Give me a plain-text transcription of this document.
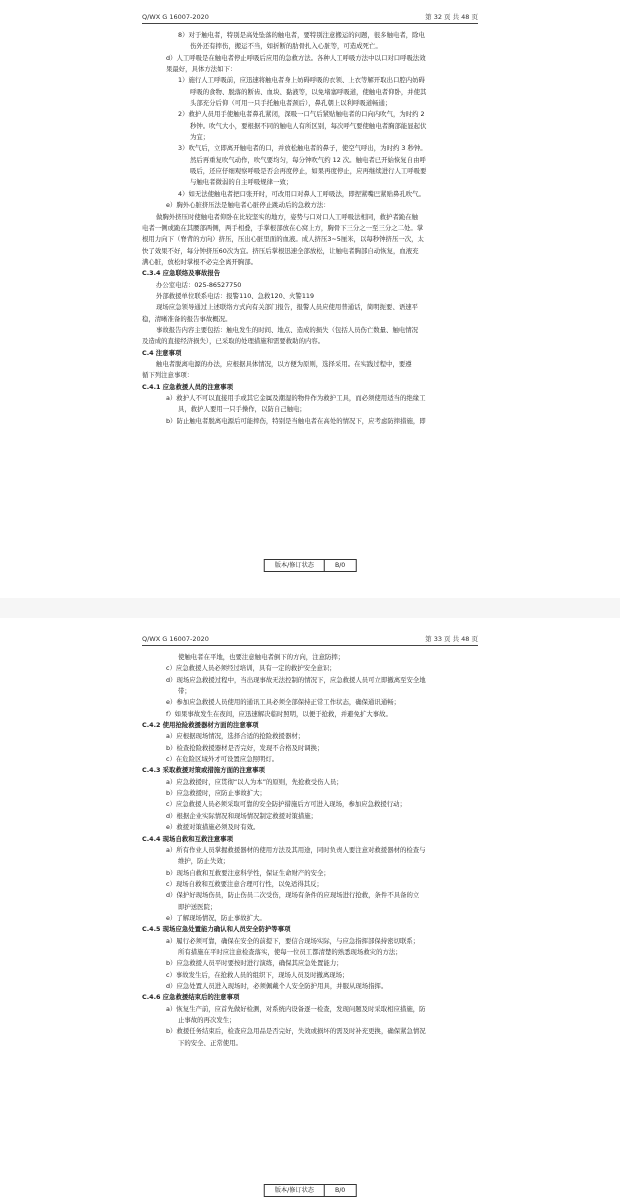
Q/WX G 16007-2020	第 32 页 共 48 页
8）对于触电者，特别是高处坠落的触电者，要特别注意搬运的问题，很多触电者，除电
伤外还有摔伤，搬运不当，如折断的肋骨扎入心脏等，可造成死亡。
d）人工呼吸是在触电者停止呼吸后应用的急救方法。各种人工呼吸方法中以口对口呼吸法效
果最好，具体方法如下：
1）施行人工呼吸前，应迅速将触电者身上妨碍呼吸的衣领、上衣等解开取出口腔内妨碍
呼吸的食物、脱落的断齿、血块、黏液等，以免堵塞呼吸道，使触电者仰卧，并使其
头部充分后仰（可用一只手托触电者颈后），鼻孔朝上以利呼吸道畅通；
2）救护人员用手使触电者鼻孔紧闭，深吸一口气后紧贴触电者的口向内吹气，为时约 2
秒钟。吹气大小，要根据不同的触电人有所区别，每次呼气要使触电者胸部能显起伏
为宜；
3）吹气后，立即离开触电者的口，并放松触电者的鼻子，使空气呼出，为时约 3 秒钟。
然后再重复吹气动作，吹气要均匀，每分钟吹气约 12 次。触电者已开始恢复自由呼
吸后，还应仔细观察呼吸是否会再度停止，如果再度停止，应再继续进行人工呼吸要
与触电者微弱的自主呼吸规律一致；
4）如无法使触电者把口张开时，可改用口对鼻人工呼吸法，即捏紧嘴巴紧贴鼻孔吹气。
e）胸外心脏挤压法是触电者心脏停止跳动后的急救方法：
做胸外挤压时使触电者仰卧在比较坚实的地方，姿势与口对口人工呼吸法相同，救护者跪在触
电者一侧或跪在其腰部两侧，两手相叠，手掌根部放在心窝上方，胸骨下三分之一至三分之二处。掌
根用力向下（脊背的方向）挤压，压出心脏里面的血液。成人挤压3~5厘米，以每秒钟挤压一次，太
快了效果不好，每分钟挤压60次为宜。挤压后掌根迅速全部放松，让触电者胸部自动恢复，血液充
满心脏，放松时掌根不必完全离开胸部。
C.3.4 应急联络及事故报告
办公室电话：025-86527750
外部救援单位联系电话：报警110、急救120、火警119
现场应急领导通过上述联络方式向有关部门报告，报警人员应使用普通话，简明扼要、语速平
稳，清晰准备的报告事故概况。
事故报告内容主要包括：触电发生的时间、地点、造成的损失（包括人员伤亡数量、触电情况
及造成的直接经济损失），已采取的处理措施和需要救助的内容。
C.4 注意事项
触电者脱离电源的办法，应根据具体情况，以方便为原则，选择采用。在实践过程中，要遵
循下列注意事项：
C.4.1 应急救援人员的注意事项
a）救护人不可以直接用手或其它金属及潮湿的物件作为救护工具，而必须使用适当的绝缘工
具，救护人要用一只手操作，以防自己触电；
b）防止触电者脱离电源后可能摔伤，特别是当触电者在高处的情况下，应考虑防摔措施，即
版本/修订状态	B/0
Q/WX G 16007-2020	第 33 页 共 48 页
使触电者在平地，也要注意触电者倒下的方向，注意防摔；
c）应急救援人员必须经过培训，具有一定的救护安全意识；
d）现场应急救援过程中，当出现事故无法控制的情况下，应急救援人员可立即撤离至安全地
带；
e）参加应急救援人员使用的通讯工具必须全部保持正常工作状态，确保通讯通畅；
f）如果事故发生在夜间，应迅速解决临时照明，以便于抢救，并避免扩大事故。
C.4.2 使用抢险救援器材方面的注意事项
a）应根据现场情况，选择合适的抢险救援器材；
b）检查抢险救援器材是否完好，发现不合格及时调换；
c）在危险区域外才可设置应急照明灯。
C.4.3 采取救援对策或措施方面的注意事项
a）应急救援时，应贯彻“以人为本”的原则，先抢救受伤人员；
b）应急救援时，应防止事故扩大；
c）应急救援人员必须采取可靠的安全防护措施后方可进入现场，参加应急救援行动；
d）根据企业实际情况和现场情况制定救援对策措施；
e）救援对策措施必须及时有效。
C.4.4 现场自救和互救注意事项
a）所有作业人员掌握救援器材的使用方法及其用途，同时负责人要注意对救援器材的检查与
维护，防止失效；
b）现场自救和互救要注意科学性，保证生命财产的安全；
c）现场自救和互救要注意合理可行性，以免适得其反；
d）保护好现场伤员，防止伤员二次受伤，现场有条件的应现场进行抢救，条件不具备的立
即护送医院；
e）了解现场情况，防止事故扩大。
C.4.5 现场应急处置能力确认和人员安全防护等事项
a）履行必须可靠，确保在安全的前提下，要信合现场实际，与应急指挥部保持密切联系；
所有措施在平时应注意检查落实，使每一位员工都清楚的熟悉现场救灾的方法；
b）应急救援人员平时要按时进行演练，确保其应急处置能力；
c）事故发生后，在抢救人员的组织下，现场人员及时撤离现场；
d）应急处置人员进入现场时，必须佩戴个人安全防护用具，并服从现场指挥。
C.4.6 应急救援结束后的注意事项
a）恢复生产前，应首先做好检测，对系统内设备逐一检查，发现问题及时采取相应措施，防
止事故的再次发生；
b）救援任务结束后，检查应急用品是否完好，失效或损坏的需及时补充更换，确保紧急情况
下的安全、正常使用。
版本/修订状态	B/0
